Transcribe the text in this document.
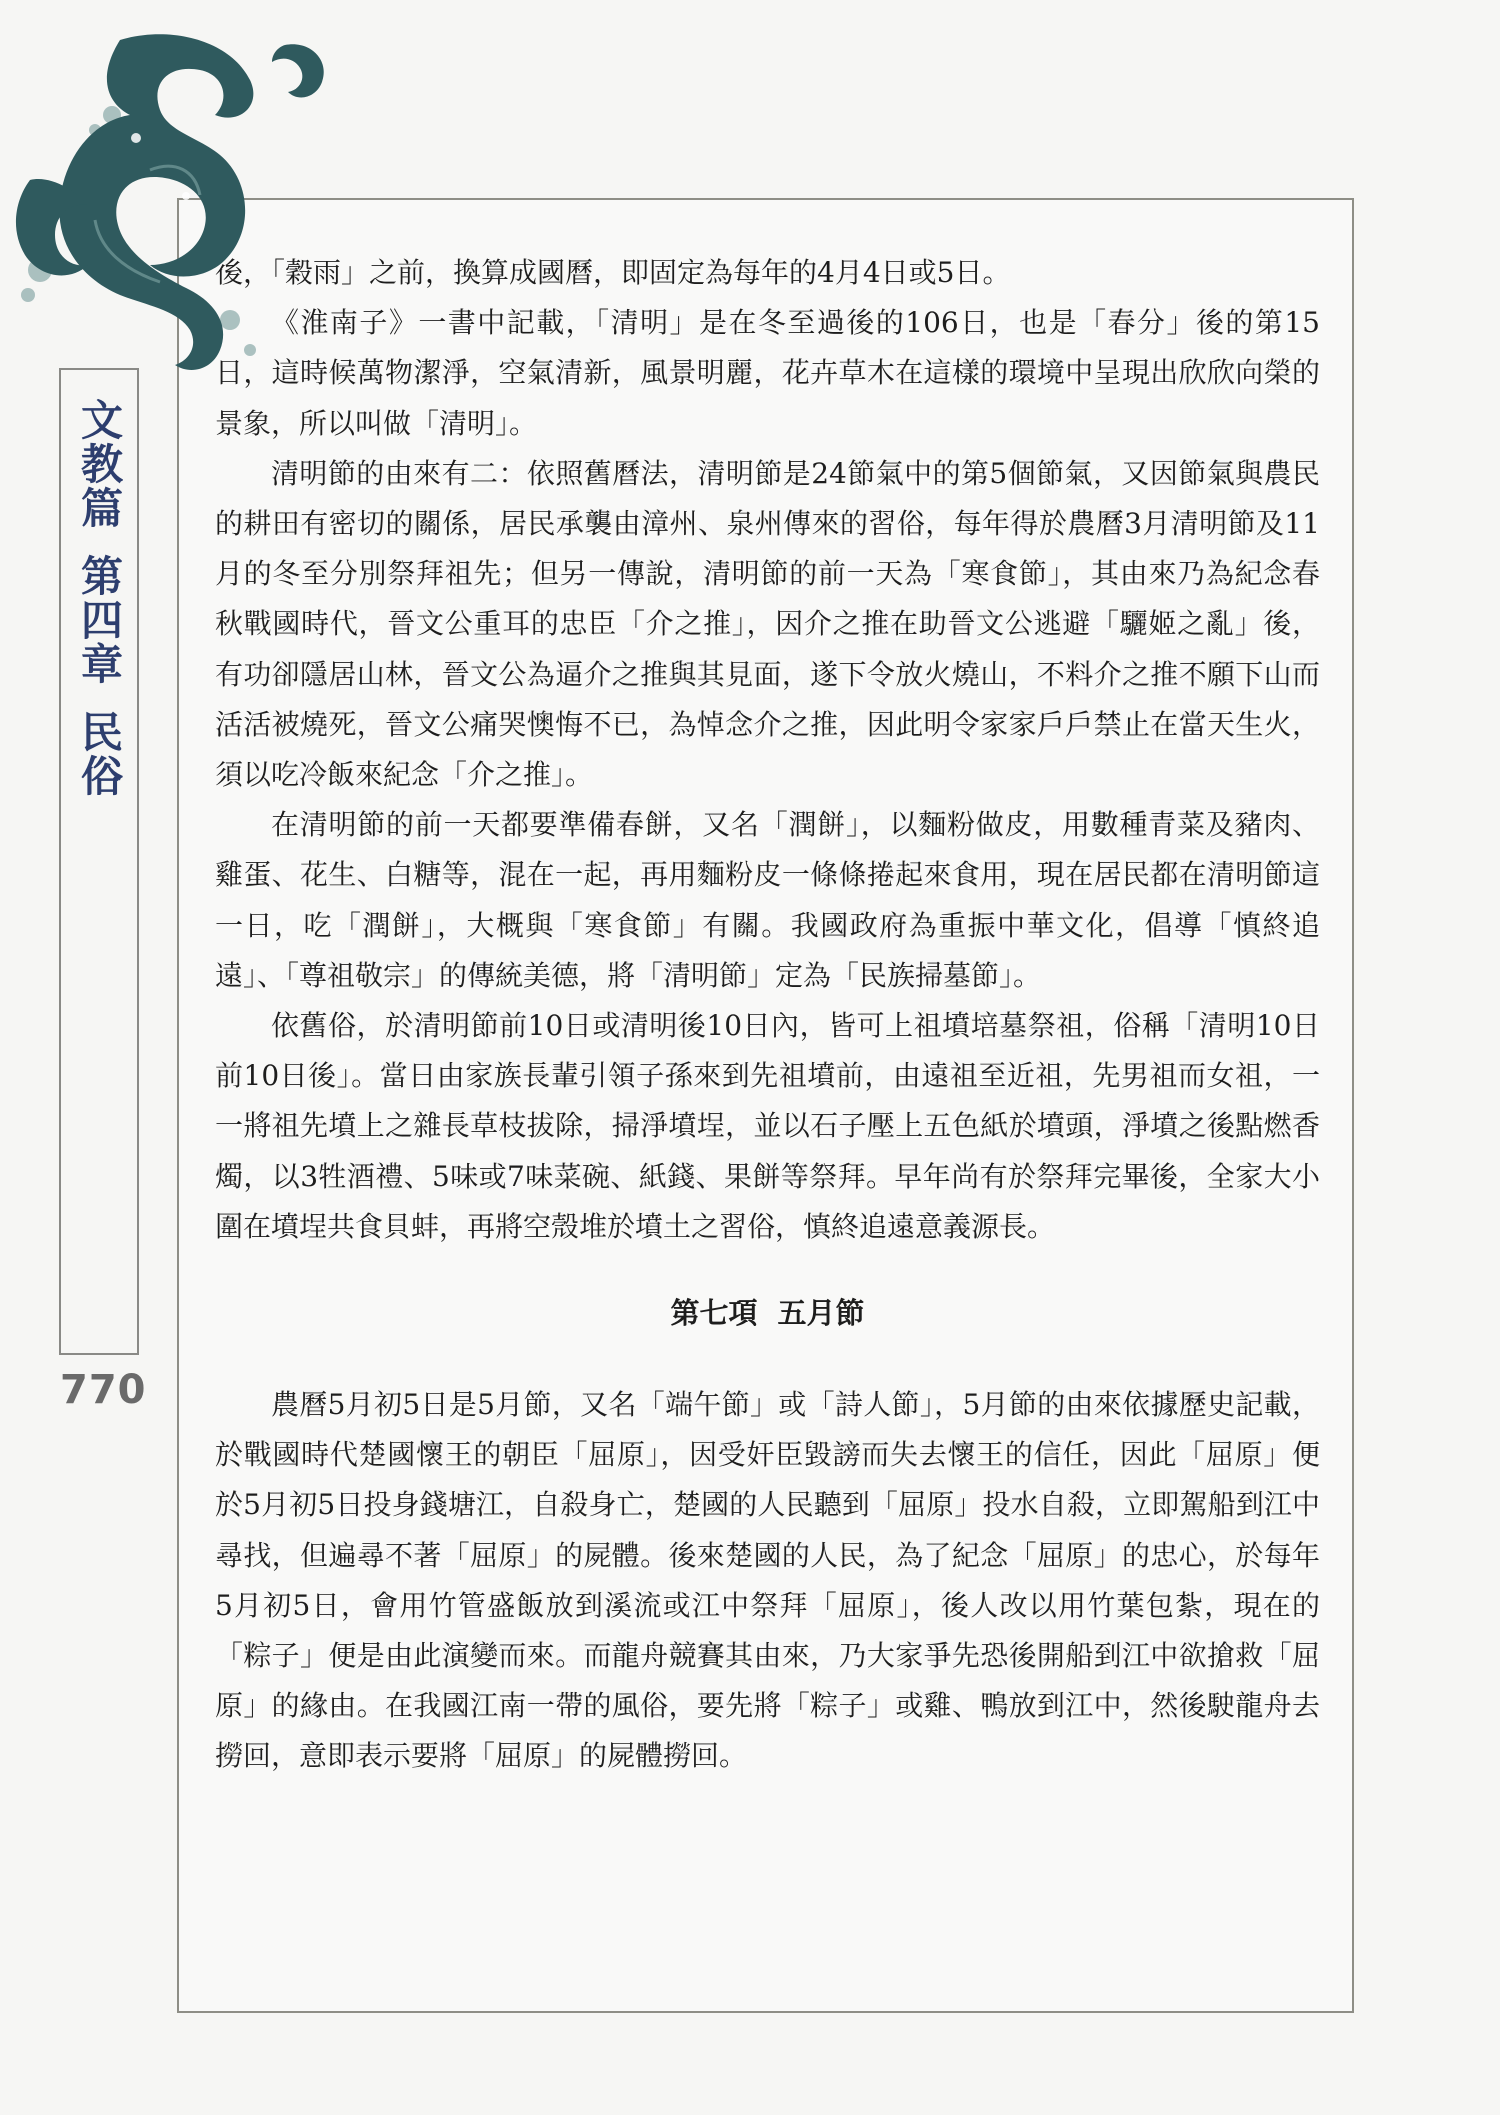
後，「穀雨」之前，換算成國曆，即固定為每年的4月4日或5日。

《淮南子》一書中記載，「清明」是在冬至過後的106日，也是「春分」後的第15日，這時候萬物潔淨，空氣清新，風景明麗，花卉草木在這樣的環境中呈現出欣欣向榮的景象，所以叫做「清明」。

清明節的由來有二：依照舊曆法，清明節是24節氣中的第5個節氣，又因節氣與農民的耕田有密切的關係，居民承襲由漳州、泉州傳來的習俗，每年得於農曆3月清明節及11月的冬至分別祭拜祖先；但另一傳說，清明節的前一天為「寒食節」，其由來乃為紀念春秋戰國時代，晉文公重耳的忠臣「介之推」，因介之推在助晉文公逃避「驪姬之亂」後，有功卻隱居山林，晉文公為逼介之推與其見面，遂下令放火燒山，不料介之推不願下山而活活被燒死，晉文公痛哭懊悔不已，為悼念介之推，因此明令家家戶戶禁止在當天生火，須以吃冷飯來紀念「介之推」。

在清明節的前一天都要準備春餅，又名「潤餅」，以麵粉做皮，用數種青菜及豬肉、雞蛋、花生、白糖等，混在一起，再用麵粉皮一條條捲起來食用，現在居民都在清明節這一日，吃「潤餅」，大概與「寒食節」有關。我國政府為重振中華文化，倡導「慎終追遠」、「尊祖敬宗」的傳統美德，將「清明節」定為「民族掃墓節」。

依舊俗，於清明節前10日或清明後10日內，皆可上祖墳培墓祭祖，俗稱「清明10日前10日後」。當日由家族長輩引領子孫來到先祖墳前，由遠祖至近祖，先男祖而女祖，一一將祖先墳上之雜長草枝拔除，掃淨墳埕，並以石子壓上五色紙於墳頭，淨墳之後點燃香燭，以3牲酒禮、5味或7味菜碗、紙錢、果餅等祭拜。早年尚有於祭拜完畢後，全家大小圍在墳埕共食貝蚌，再將空殼堆於墳土之習俗，慎終追遠意義源長。

第七項 五月節

農曆5月初5日是5月節，又名「端午節」或「詩人節」，5月節的由來依據歷史記載，於戰國時代楚國懷王的朝臣「屈原」，因受奸臣毀謗而失去懷王的信任，因此「屈原」便於5月初5日投身錢塘江，自殺身亡，楚國的人民聽到「屈原」投水自殺，立即駕船到江中尋找，但遍尋不著「屈原」的屍體。後來楚國的人民，為了紀念「屈原」的忠心，於每年5月初5日，會用竹管盛飯放到溪流或江中祭拜「屈原」，後人改以用竹葉包紮，現在的「粽子」便是由此演變而來。而龍舟競賽其由來，乃大家爭先恐後開船到江中欲搶救「屈原」的緣由。在我國江南一帶的風俗，要先將「粽子」或雞、鴨放到江中，然後駛龍舟去撈回，意即表示要將「屈原」的屍體撈回。

文教篇
第四章
民俗
770
